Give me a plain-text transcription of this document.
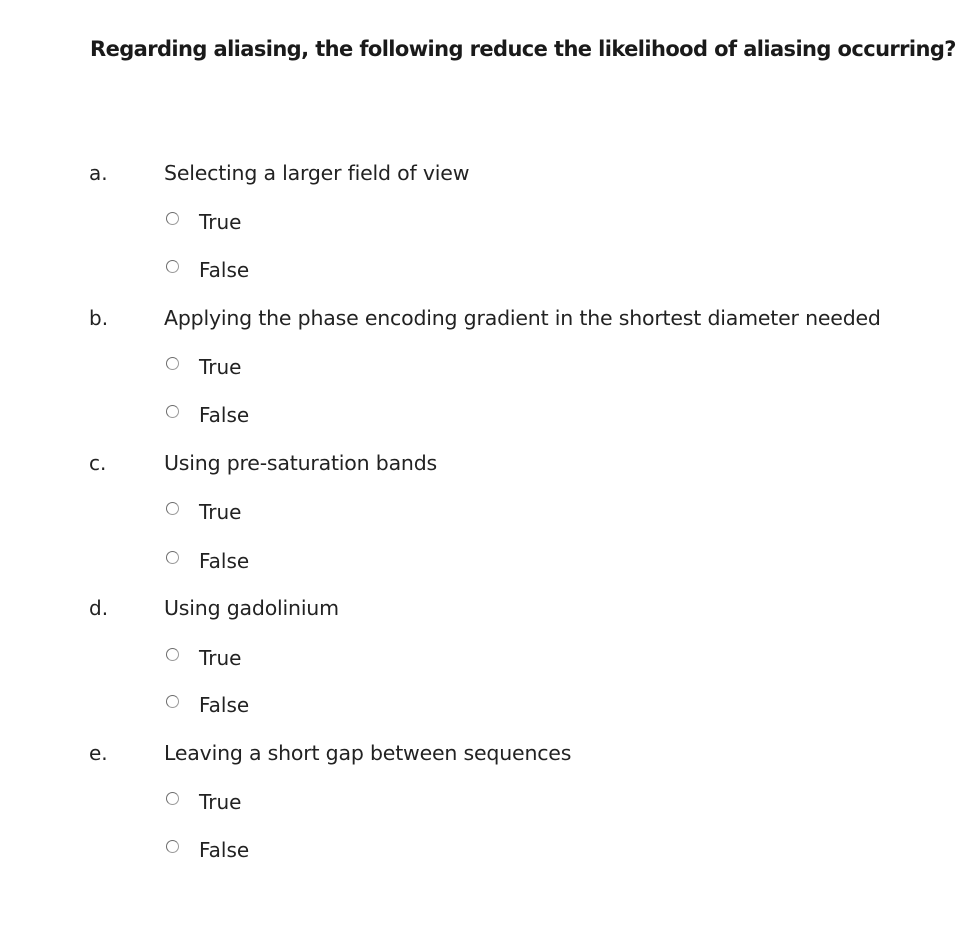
Regarding aliasing, the following reduce the likelihood of aliasing occurring?
a.	Selecting a larger field of view
True
False
b.	Applying the phase encoding gradient in the shortest diameter needed
True
False
c.	Using pre-saturation bands
True
False
d.	Using gadolinium
True
False
e.	Leaving a short gap between sequences
True
False
